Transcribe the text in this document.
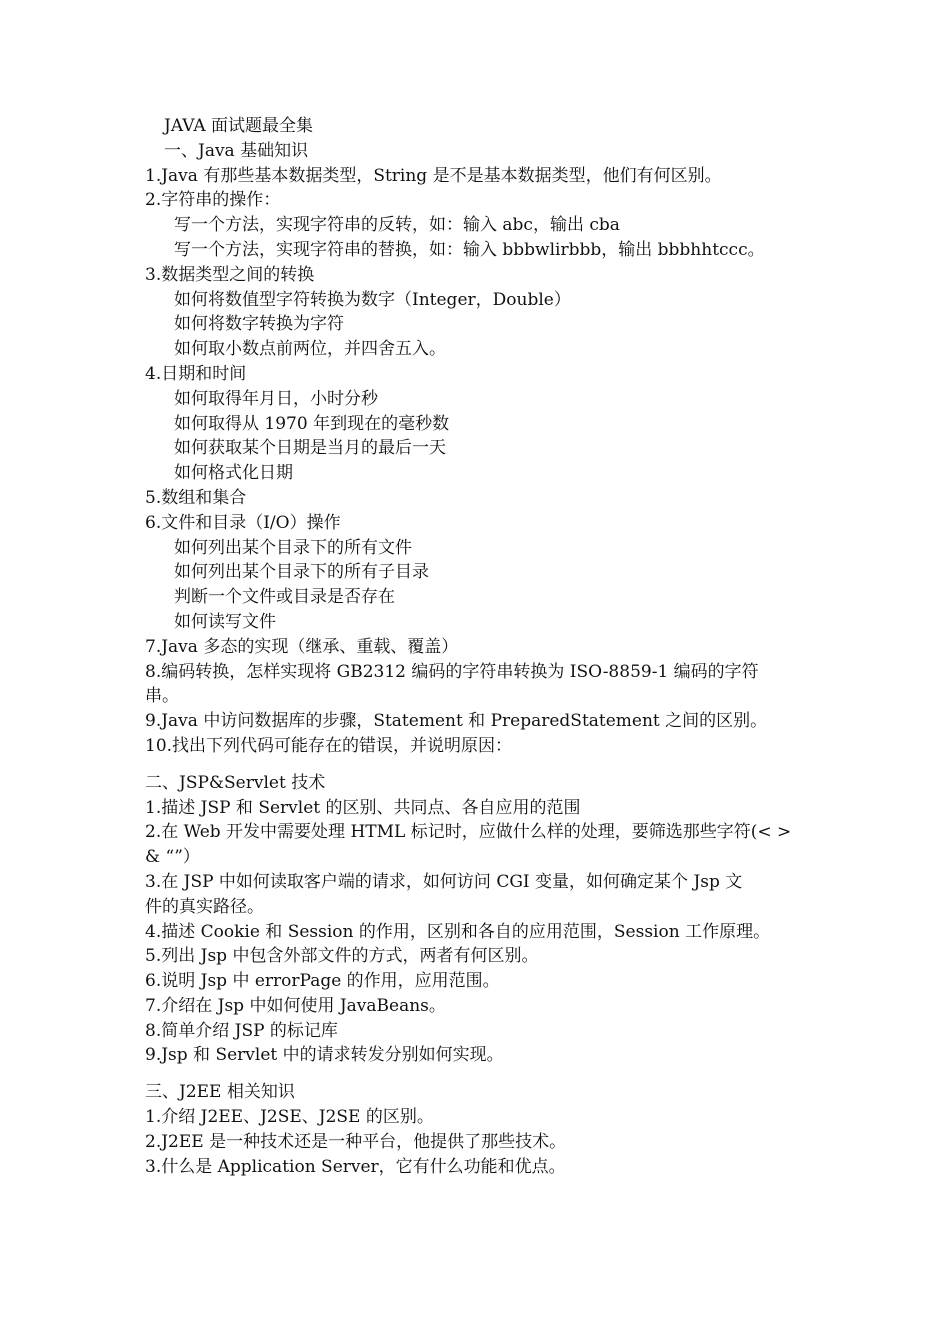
JAVA 面试题最全集
一、Java 基础知识
1.Java 有那些基本数据类型，String 是不是基本数据类型，他们有何区别。
2.字符串的操作：
写一个方法，实现字符串的反转，如：输入 abc，输出 cba
写一个方法，实现字符串的替换，如：输入 bbbwlirbbb，输出 bbbhhtccc。
3.数据类型之间的转换
如何将数值型字符转换为数字（Integer，Double）
如何将数字转换为字符
如何取小数点前两位，并四舍五入。
4.日期和时间
如何取得年月日，小时分秒
如何取得从 1970 年到现在的毫秒数
如何获取某个日期是当月的最后一天
如何格式化日期
5.数组和集合
6.文件和目录（I/O）操作
如何列出某个目录下的所有文件
如何列出某个目录下的所有子目录
判断一个文件或目录是否存在
如何读写文件
7.Java 多态的实现（继承、重载、覆盖）
8.编码转换，怎样实现将 GB2312 编码的字符串转换为 ISO-8859-1 编码的字符
串。
9.Java 中访问数据库的步骤，Statement 和 PreparedStatement 之间的区别。
10.找出下列代码可能存在的错误，并说明原因：
二、JSP&Servlet 技术
1.描述 JSP 和 Servlet 的区别、共同点、各自应用的范围
2.在 Web 开发中需要处理 HTML 标记时，应做什么样的处理，要筛选那些字符(< >
& “”）
3.在 JSP 中如何读取客户端的请求，如何访问 CGI 变量，如何确定某个 Jsp 文
件的真实路径。
4.描述 Cookie 和 Session 的作用，区别和各自的应用范围，Session 工作原理。
5.列出 Jsp 中包含外部文件的方式，两者有何区别。
6.说明 Jsp 中 errorPage 的作用，应用范围。
7.介绍在 Jsp 中如何使用 JavaBeans。
8.简单介绍 JSP 的标记库
9.Jsp 和 Servlet 中的请求转发分别如何实现。
三、J2EE 相关知识
1.介绍 J2EE、J2SE、J2SE 的区别。
2.J2EE 是一种技术还是一种平台，他提供了那些技术。
3.什么是 Application Server，它有什么功能和优点。
